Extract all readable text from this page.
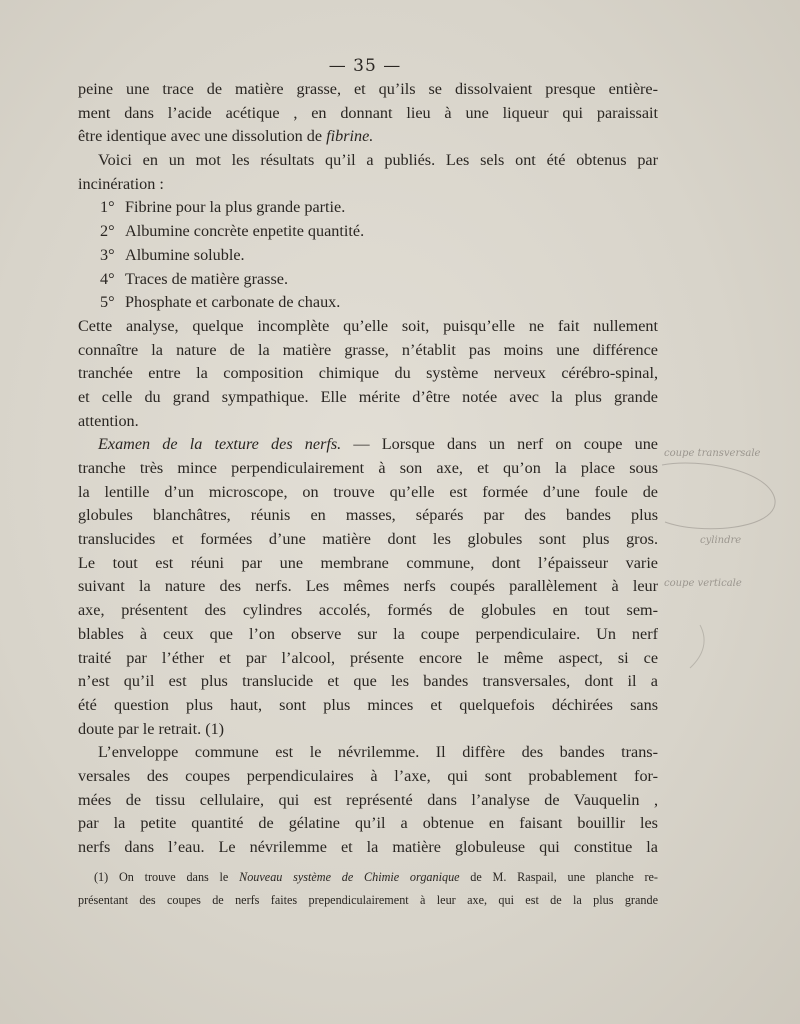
— 35 —
peine une trace de matière grasse, et qu’ils se dissolvaient presque entière-
ment dans l’acide acétique , en donnant lieu à une liqueur qui paraissait
être identique avec une dissolution de fibrine.
Voici en un mot les résultats qu’il a publiés. Les sels ont été obtenus par
incinération :
1° Fibrine pour la plus grande partie.
2° Albumine concrète enpetite quantité.
3° Albumine soluble.
4° Traces de matière grasse.
5° Phosphate et carbonate de chaux.
Cette analyse, quelque incomplète qu’elle soit, puisqu’elle ne fait nullement
connaître la nature de la matière grasse, n’établit pas moins une différence
tranchée entre la composition chimique du système nerveux cérébro-spinal,
et celle du grand sympathique. Elle mérite d’être notée avec la plus grande
attention.
Examen de la texture des nerfs. — Lorsque dans un nerf on coupe une
tranche très mince perpendiculairement à son axe, et qu’on la place sous
la lentille d’un microscope, on trouve qu’elle est formée d’une foule de
globules blanchâtres, réunis en masses, séparés par des bandes plus
translucides et formées d’une matière dont les globules sont plus gros.
Le tout est réuni par une membrane commune, dont l’épaisseur varie
suivant la nature des nerfs. Les mêmes nerfs coupés parallèlement à leur
axe, présentent des cylindres accolés, formés de globules en tout sem-
blables à ceux que l’on observe sur la coupe perpendiculaire. Un nerf
traité par l’éther et par l’alcool, présente encore le même aspect, si ce
n’est qu’il est plus translucide et que les bandes transversales, dont il a
été question plus haut, sont plus minces et quelquefois déchirées sans
doute par le retrait. (1)
L’enveloppe commune est le névrilemme. Il diffère des bandes trans-
versales des coupes perpendiculaires à l’axe, qui sont probablement for-
mées de tissu cellulaire, qui est représenté dans l’analyse de Vauquelin ,
par la petite quantité de gélatine qu’il a obtenue en faisant bouillir les
nerfs dans l’eau. Le névrilemme et la matière globuleuse qui constitue la
(1) On trouve dans le Nouveau système de Chimie organique de M. Raspail, une planche re-
présentant des coupes de nerfs faites prependiculairement à leur axe, qui est de la plus grande
coupe transversale
coupe verticale
cylindre
